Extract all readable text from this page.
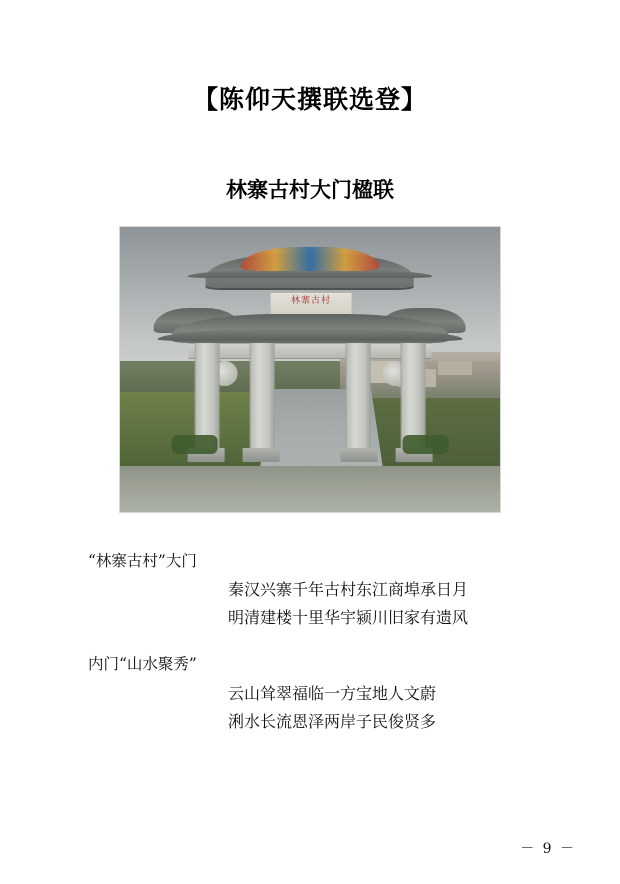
【陈仰天撰联选登】
林寨古村大门楹联
林寨古村
“林寨古村”大门
秦汉兴寨千年古村东江商埠承日月
明清建楼十里华宇颍川旧家有遗风
内门“山水聚秀”
云山耸翠福临一方宝地人文蔚
浰水长流恩泽两岸子民俊贤多
－ 9 －
